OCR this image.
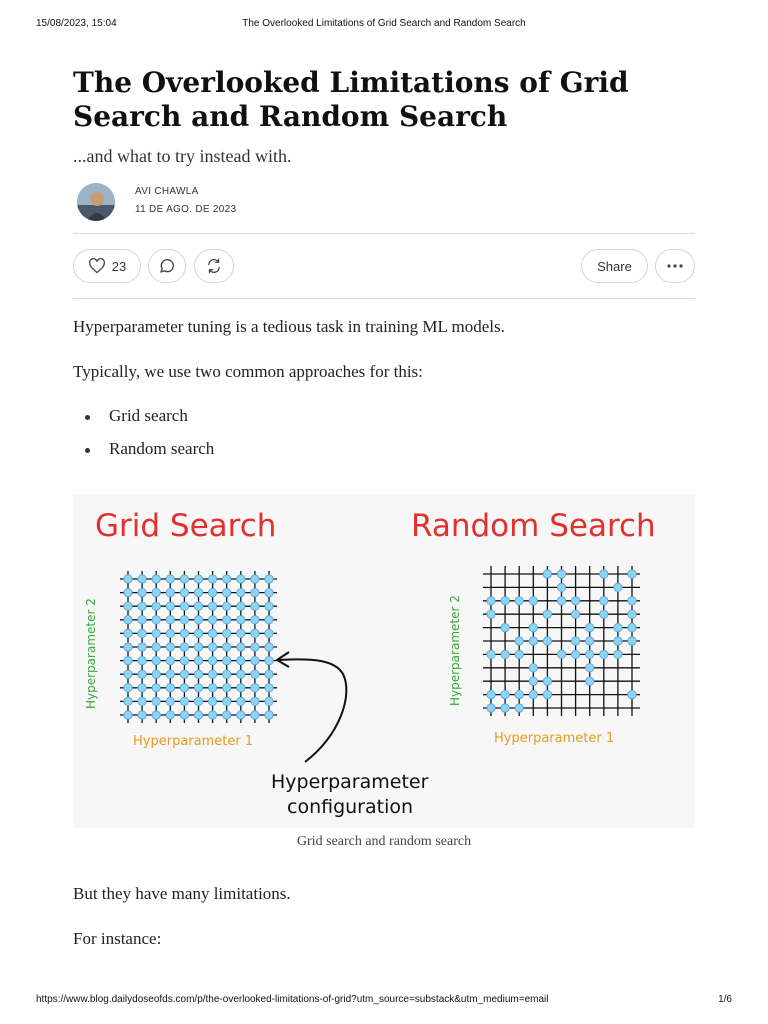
15/08/2023, 15:04	The Overlooked Limitations of Grid Search and Random Search
The Overlooked Limitations of Grid Search and Random Search

...and what to try instead with.

AVI CHAWLA
11 DE AGO. DE 2023
23	Share

Hyperparameter tuning is a tedious task in training ML models.

Typically, we use two common approaches for this:

Grid search

Random search

Grid Search	Random Search
Hyperparameter 2	Hyperparameter 2
Hyperparameter 1	Hyperparameter 1
Hyperparameter
configuration

Grid search and random search

But they have many limitations.

For instance:

https://www.blog.dailydoseofds.com/p/the-overlooked-limitations-of-grid?utm_source=substack&utm_medium=email	1/6
